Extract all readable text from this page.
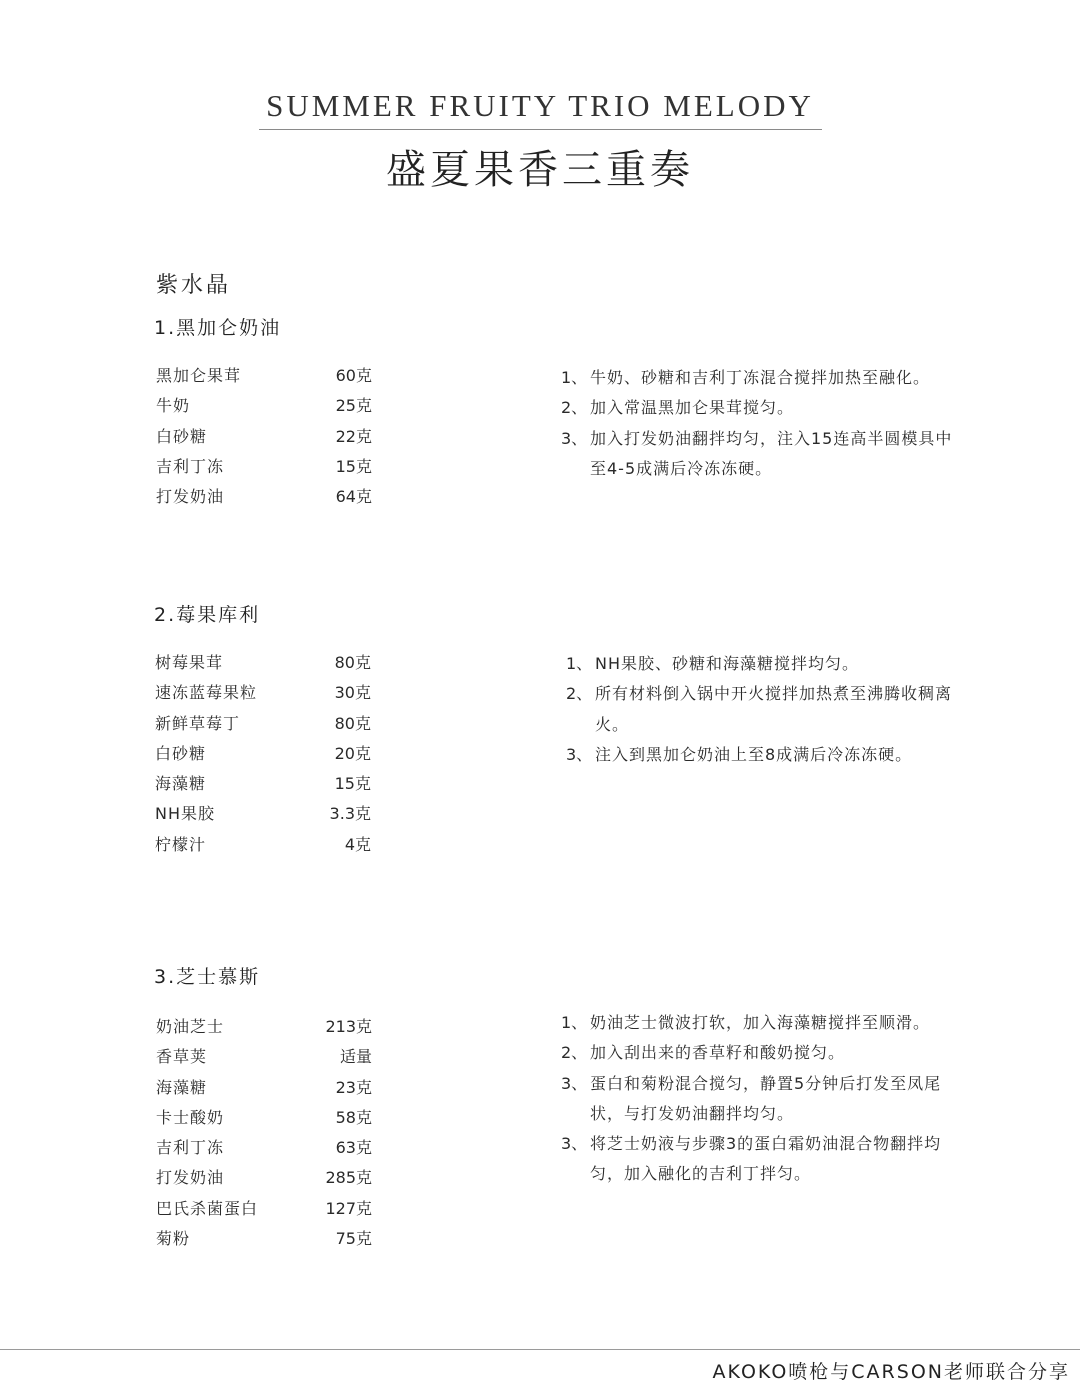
SUMMER FRUITY TRIO MELODY
盛夏果香三重奏
紫水晶
1.黑加仑奶油
黑加仑果茸	60克
牛奶	25克
白砂糖	22克
吉利丁冻	15克
打发奶油	64克
1、 牛奶、砂糖和吉利丁冻混合搅拌加热至融化。
2、 加入常温黑加仑果茸搅匀。
3、 加入打发奶油翻拌均匀，注入15连高半圆模具中至4-5成满后冷冻冻硬。
2.莓果库利
树莓果茸	80克
速冻蓝莓果粒	30克
新鲜草莓丁	80克
白砂糖	20克
海藻糖	15克
NH果胶	3.3克
柠檬汁	4克
1、 NH果胶、砂糖和海藻糖搅拌均匀。
2、 所有材料倒入锅中开火搅拌加热煮至沸腾收稠离火。
3、 注入到黑加仑奶油上至8成满后冷冻冻硬。
3.芝士慕斯
奶油芝士	213克
香草荚	适量
海藻糖	23克
卡士酸奶	58克
吉利丁冻	63克
打发奶油	285克
巴氏杀菌蛋白	127克
菊粉	75克
1、 奶油芝士微波打软，加入海藻糖搅拌至顺滑。
2、 加入刮出来的香草籽和酸奶搅匀。
3、 蛋白和菊粉混合搅匀，静置5分钟后打发至凤尾状，与打发奶油翻拌均匀。
3、 将芝士奶液与步骤3的蛋白霜奶油混合物翻拌均匀，加入融化的吉利丁拌匀。
AKOKO喷枪与CARSON老师联合分享
